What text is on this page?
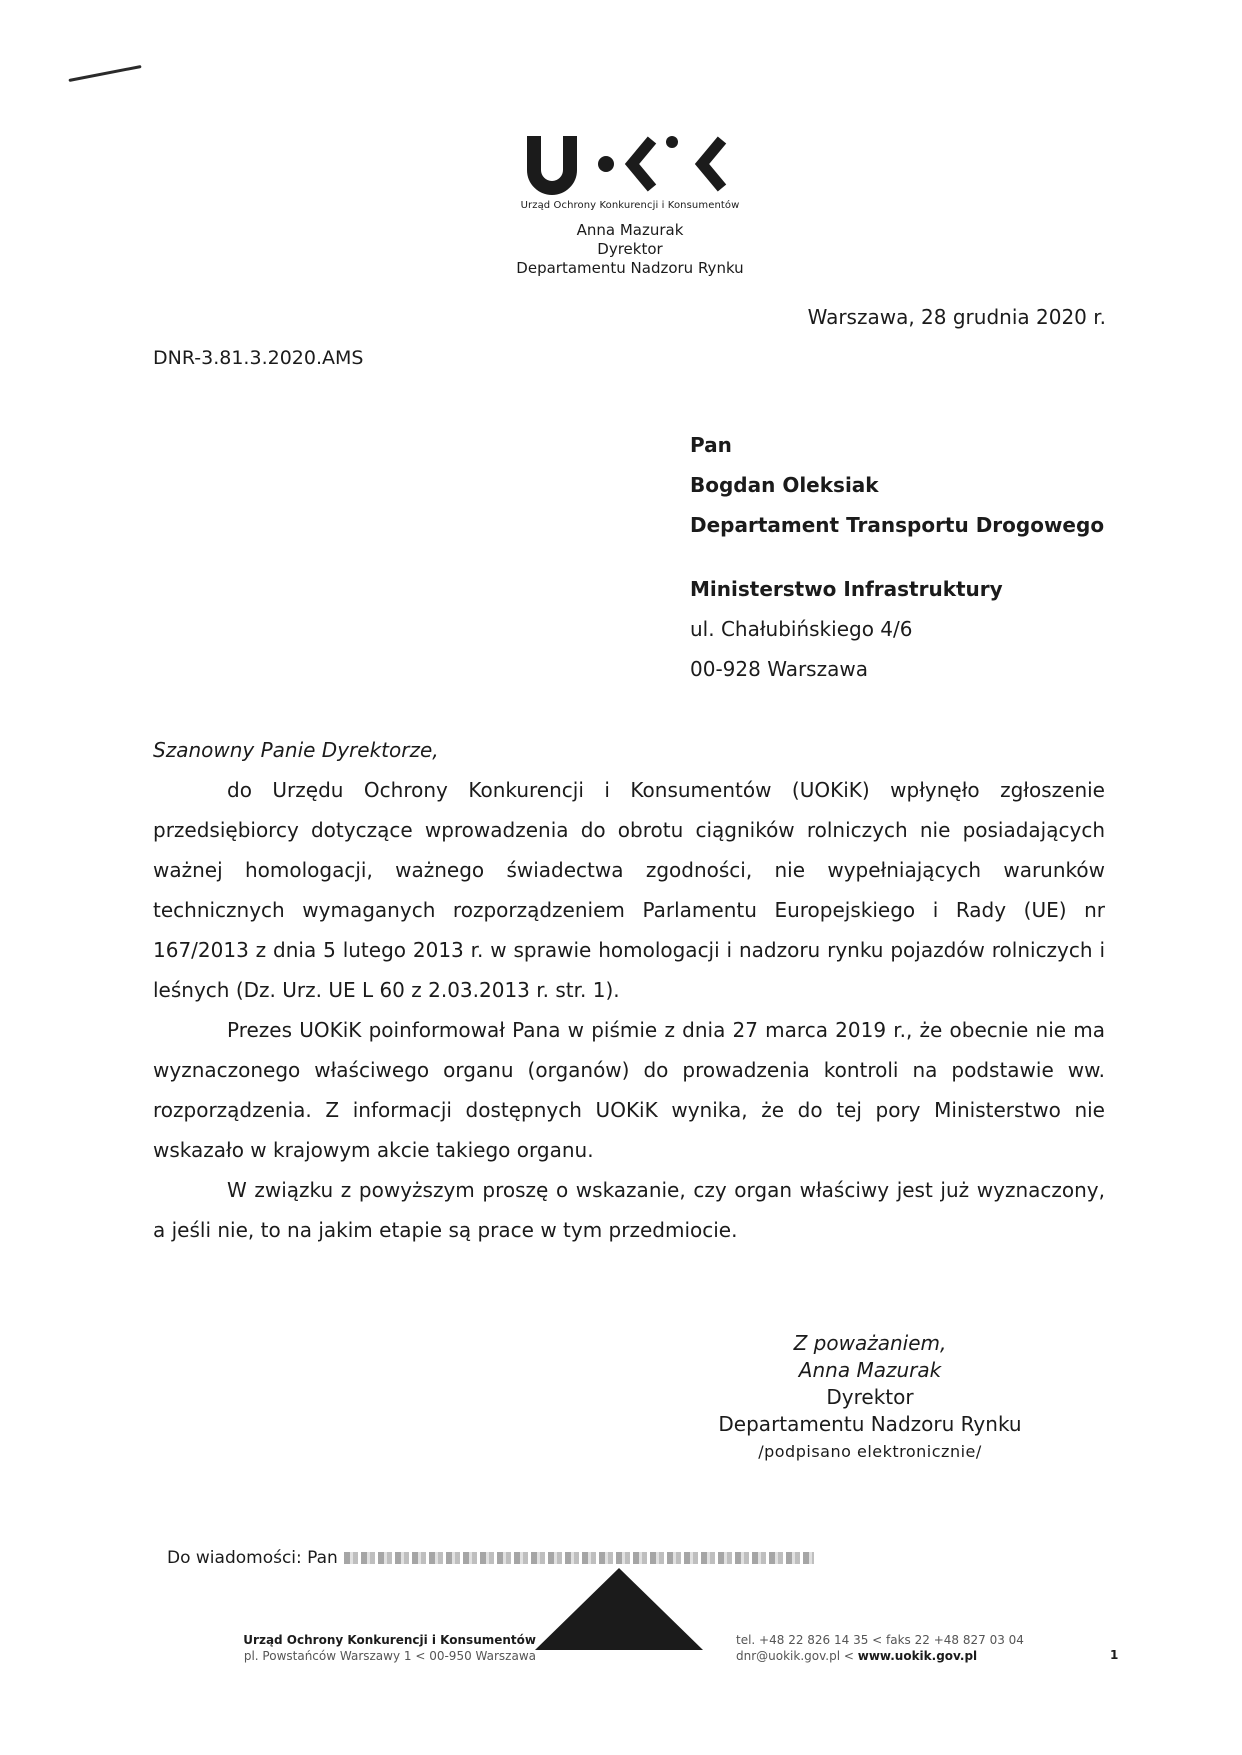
Urząd Ochrony Konkurencji i Konsumentów
Anna Mazurak
Dyrektor
Departamentu Nadzoru Rynku
Warszawa, 28 grudnia 2020 r.
DNR-3.81.3.2020.AMS
Pan
Bogdan Oleksiak
Departament Transportu Drogowego
Ministerstwo Infrastruktury
ul. Chałubińskiego 4/6
00-928 Warszawa
Szanowny Panie Dyrektorze,

do Urzędu Ochrony Konkurencji i Konsumentów (UOKiK) wpłynęło zgłoszenie przedsiębiorcy dotyczące wprowadzenia do obrotu ciągników rolniczych nie posiadających ważnej homologacji, ważnego świadectwa zgodności, nie wypełniających warunków technicznych wymaganych rozporządzeniem Parlamentu Europejskiego i Rady (UE) nr 167/2013 z dnia 5 lutego 2013 r. w sprawie homologacji i nadzoru rynku pojazdów rolniczych i leśnych (Dz. Urz. UE L 60 z 2.03.2013 r. str. 1).

Prezes UOKiK poinformował Pana w piśmie z dnia 27 marca 2019 r., że obecnie nie ma wyznaczonego właściwego organu (organów) do prowadzenia kontroli na podstawie ww. rozporządzenia. Z informacji dostępnych UOKiK wynika, że do tej pory Ministerstwo nie wskazało w krajowym akcie takiego organu.

W związku z powyższym proszę o wskazanie, czy organ właściwy jest już wyznaczony, a jeśli nie, to na jakim etapie są prace w tym przedmiocie.

Z poważaniem,
Anna Mazurak
Dyrektor
Departamentu Nadzoru Rynku
/podpisano elektronicznie/
Do wiadomości: Pan
Urząd Ochrony Konkurencji i Konsumentów
pl. Powstańców Warszawy 1 < 00-950 Warszawa
tel. +48 22 826 14 35 < faks 22 +48 827 03 04
dnr@uokik.gov.pl < www.uokik.gov.pl	1
